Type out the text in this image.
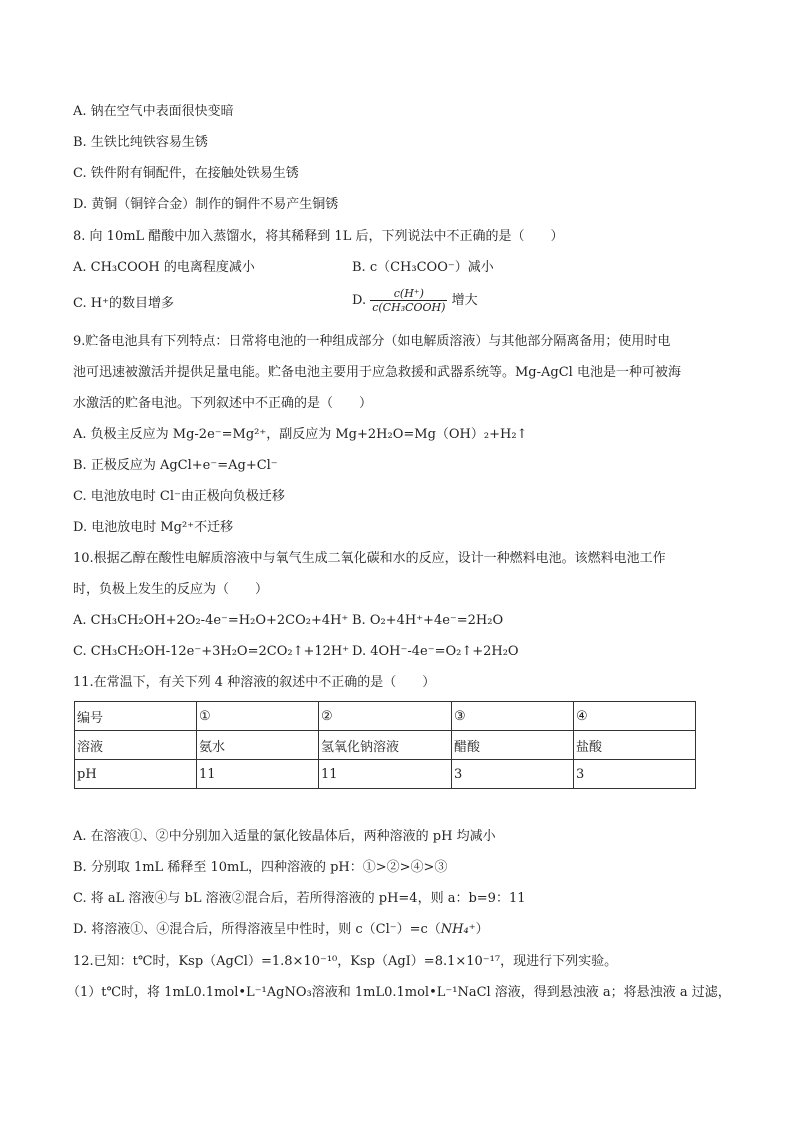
A. 钠在空气中表面很快变暗
B. 生铁比纯铁容易生锈
C. 铁件附有铜配件，在接触处铁易生锈
D. 黄铜（铜锌合金）制作的铜件不易产生铜锈
8. 向 10mL 醋酸中加入蒸馏水，将其稀释到 1L 后，下列说法中不正确的是（　　）
A. CH₃COOH 的电离程度减小	B. c（CH₃COO⁻）减小
C. H⁺的数目增多	D. $\frac{c(H^+)}{\text{c(CH₃COOH)}}$ 增大
9.贮备电池具有下列特点：日常将电池的一种组成部分（如电解质溶液）与其他部分隔离备用；使用时电
池可迅速被激活并提供足量电能。贮备电池主要用于应急救援和武器系统等。Mg-AgCl 电池是一种可被海
水激活的贮备电池。下列叙述中不正确的是（　　）
A. 负极主反应为 Mg-2e⁻=Mg²⁺，副反应为 Mg+2H₂O=Mg（OH）₂+H₂↑
B. 正极反应为 AgCl+e⁻=Ag+Cl⁻
C. 电池放电时 Cl⁻由正极向负极迁移
D. 电池放电时 Mg²⁺不迁移
10.根据乙醇在酸性电解质溶液中与氧气生成二氧化碳和水的反应，设计一种燃料电池。该燃料电池工作
时，负极上发生的反应为（　　）
A. CH₃CH₂OH+2O₂-4e⁻=H₂O+2CO₂+4H⁺ B. O₂+4H⁺+4e⁻=2H₂O
C. CH₃CH₂OH-12e⁻+3H₂O=2CO₂↑+12H⁺ D. 4OH⁻-4e⁻=O₂↑+2H₂O
11.在常温下，有关下列 4 种溶液的叙述中不正确的是（　　）
编号	①	②	③	④
溶液	氨水	氢氧化钠溶液	醋酸	盐酸
pH	11	11	3	3
A. 在溶液①、②中分别加入适量的氯化铵晶体后，两种溶液的 pH 均减小
B. 分别取 1mL 稀释至 10mL，四种溶液的 pH：①>②>④>③
C. 将 aL 溶液④与 bL 溶液②混合后，若所得溶液的 pH=4，则 a：b=9：11
D. 将溶液①、④混合后，所得溶液呈中性时，则 c（Cl⁻）=c（NH₄⁺）
12.已知：t℃时，Ksp（AgCl）=1.8×10⁻¹⁰，Ksp（AgI）=8.1×10⁻¹⁷，现进行下列实验。
（1）t℃时，将 1mL0.1mol•L⁻¹AgNO₃溶液和 1mL0.1mol•L⁻¹NaCl 溶液，得到悬浊液 a；将悬浊液 a 过滤，
